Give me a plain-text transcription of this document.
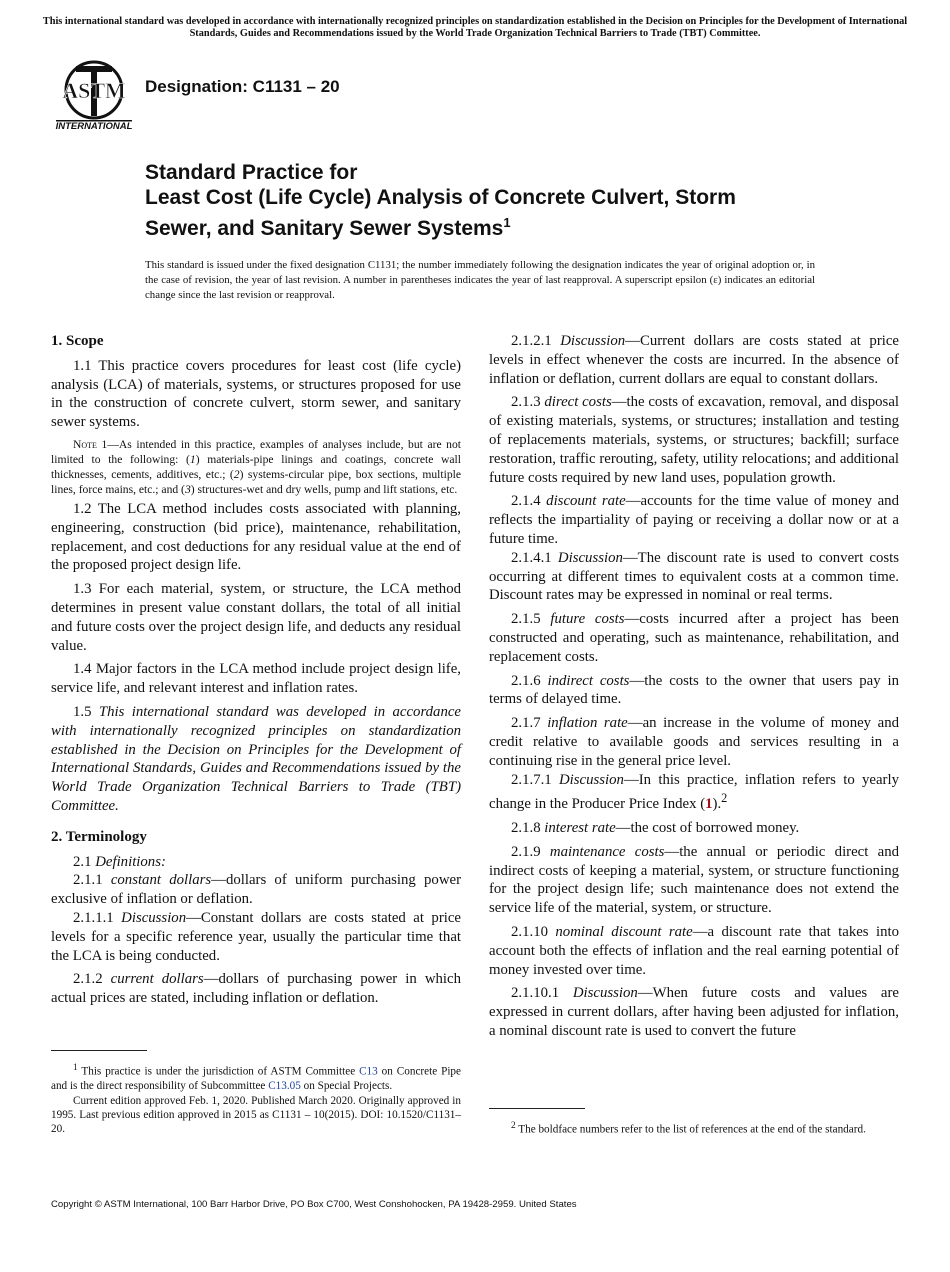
This international standard was developed in accordance with internationally recognized principles on standardization established in the Decision on Principles for the Development of International Standards, Guides and Recommendations issued by the World Trade Organization Technical Barriers to Trade (TBT) Committee.
ASTM
INTERNATIONAL
Designation: C1131 – 20
Standard Practice for
Least Cost (Life Cycle) Analysis of Concrete Culvert, Storm
Sewer, and Sanitary Sewer Systems$^1$
This standard is issued under the fixed designation C1131; the number immediately following the designation indicates the year of original adoption or, in the case of revision, the year of last revision. A number in parentheses indicates the year of last reapproval. A superscript epsilon (ε) indicates an editorial change since the last revision or reapproval.
1. Scope

1.1 This practice covers procedures for least cost (life cycle) analysis (LCA) of materials, systems, or structures proposed for use in the construction of concrete culvert, storm sewer, and sanitary sewer systems.

Note 1—As intended in this practice, examples of analyses include, but are not limited to the following: (1) materials-pipe linings and coatings, concrete wall thicknesses, cements, additives, etc.; (2) systems-circular pipe, box sections, multiple lines, force mains, etc.; and (3) structures-wet and dry wells, pump and lift stations, etc.

1.2 The LCA method includes costs associated with planning, engineering, construction (bid price), maintenance, rehabilitation, replacement, and cost deductions for any residual value at the end of the proposed project design life.

1.3 For each material, system, or structure, the LCA method determines in present value constant dollars, the total of all initial and future costs over the project design life, and deducts any residual value.

1.4 Major factors in the LCA method include project design life, service life, and relevant interest and inflation rates.

1.5 This international standard was developed in accordance with internationally recognized principles on standardization established in the Decision on Principles for the Development of International Standards, Guides and Recommendations issued by the World Trade Organization Technical Barriers to Trade (TBT) Committee.

2. Terminology

2.1 Definitions:

2.1.1 constant dollars—dollars of uniform purchasing power exclusive of inflation or deflation.

2.1.1.1 Discussion—Constant dollars are costs stated at price levels for a specific reference year, usually the particular time that the LCA is being conducted.

2.1.2 current dollars—dollars of purchasing power in which actual prices are stated, including inflation or deflation.

$^1$ This practice is under the jurisdiction of ASTM Committee C13 on Concrete Pipe and is the direct responsibility of Subcommittee C13.05 on Special Projects.

Current edition approved Feb. 1, 2020. Published March 2020. Originally approved in 1995. Last previous edition approved in 2015 as C1131 – 10(2015). DOI: 10.1520/C1131–20.

2.1.2.1 Discussion—Current dollars are costs stated at price levels in effect whenever the costs are incurred. In the absence of inflation or deflation, current dollars are equal to constant dollars.

2.1.3 direct costs—the costs of excavation, removal, and disposal of existing materials, systems, or structures; installation and testing of replacements materials, systems, or structures; backfill; surface restoration, traffic rerouting, safety, utility relocations; and additional future costs required by new land uses, population growth.

2.1.4 discount rate—accounts for the time value of money and reflects the impartiality of paying or receiving a dollar now or at a future time.

2.1.4.1 Discussion—The discount rate is used to convert costs occurring at different times to equivalent costs at a common time. Discount rates may be expressed in nominal or real terms.

2.1.5 future costs—costs incurred after a project has been constructed and operating, such as maintenance, rehabilitation, and replacement costs.

2.1.6 indirect costs—the costs to the owner that users pay in terms of delayed time.

2.1.7 inflation rate—an increase in the volume of money and credit relative to available goods and services resulting in a continuing rise in the general price level.

2.1.7.1 Discussion—In this practice, inflation refers to yearly change in the Producer Price Index (1).$^2$

2.1.8 interest rate—the cost of borrowed money.

2.1.9 maintenance costs—the annual or periodic direct and indirect costs of keeping a material, system, or structure functioning for the project design life; such maintenance does not extend the service life of the material, system, or structure.

2.1.10 nominal discount rate—a discount rate that takes into account both the effects of inflation and the real earning potential of money invested over time.

2.1.10.1 Discussion—When future costs and values are expressed in current dollars, after having been adjusted for inflation, a nominal discount rate is used to convert the future

$^2$ The boldface numbers refer to the list of references at the end of the standard.

Copyright © ASTM International, 100 Barr Harbor Drive, PO Box C700, West Conshohocken, PA 19428-2959. United States
